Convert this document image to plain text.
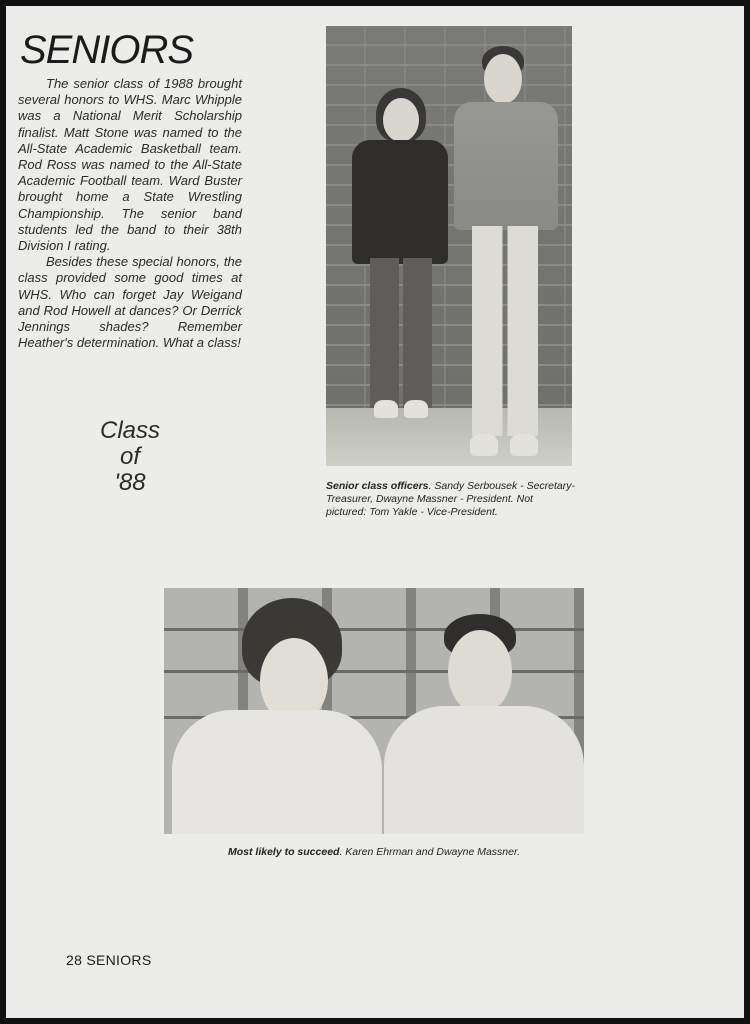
SENIORS

The senior class of 1988 brought several honors to WHS. Marc Whipple was a National Merit Scholarship finalist. Matt Stone was named to the All-State Academic Basketball team. Rod Ross was named to the All-State Academic Football team. Ward Buster brought home a State Wrestling Championship. The senior band students led the band to their 38th Division I rating.

Besides these special honors, the class provided some good times at WHS. Who can forget Jay Weigand and Rod Howell at dances? Or Derrick Jennings shades? Remember Heather's determination. What a class!

Class
of
'88	Senior class officers. Sandy Serbousek - Secretary-Treasurer, Dwayne Massner - President. Not pictured: Tom Yakle - Vice-President.
Most likely to succeed. Karen Ehrman and Dwayne Massner.
28 SENIORS
